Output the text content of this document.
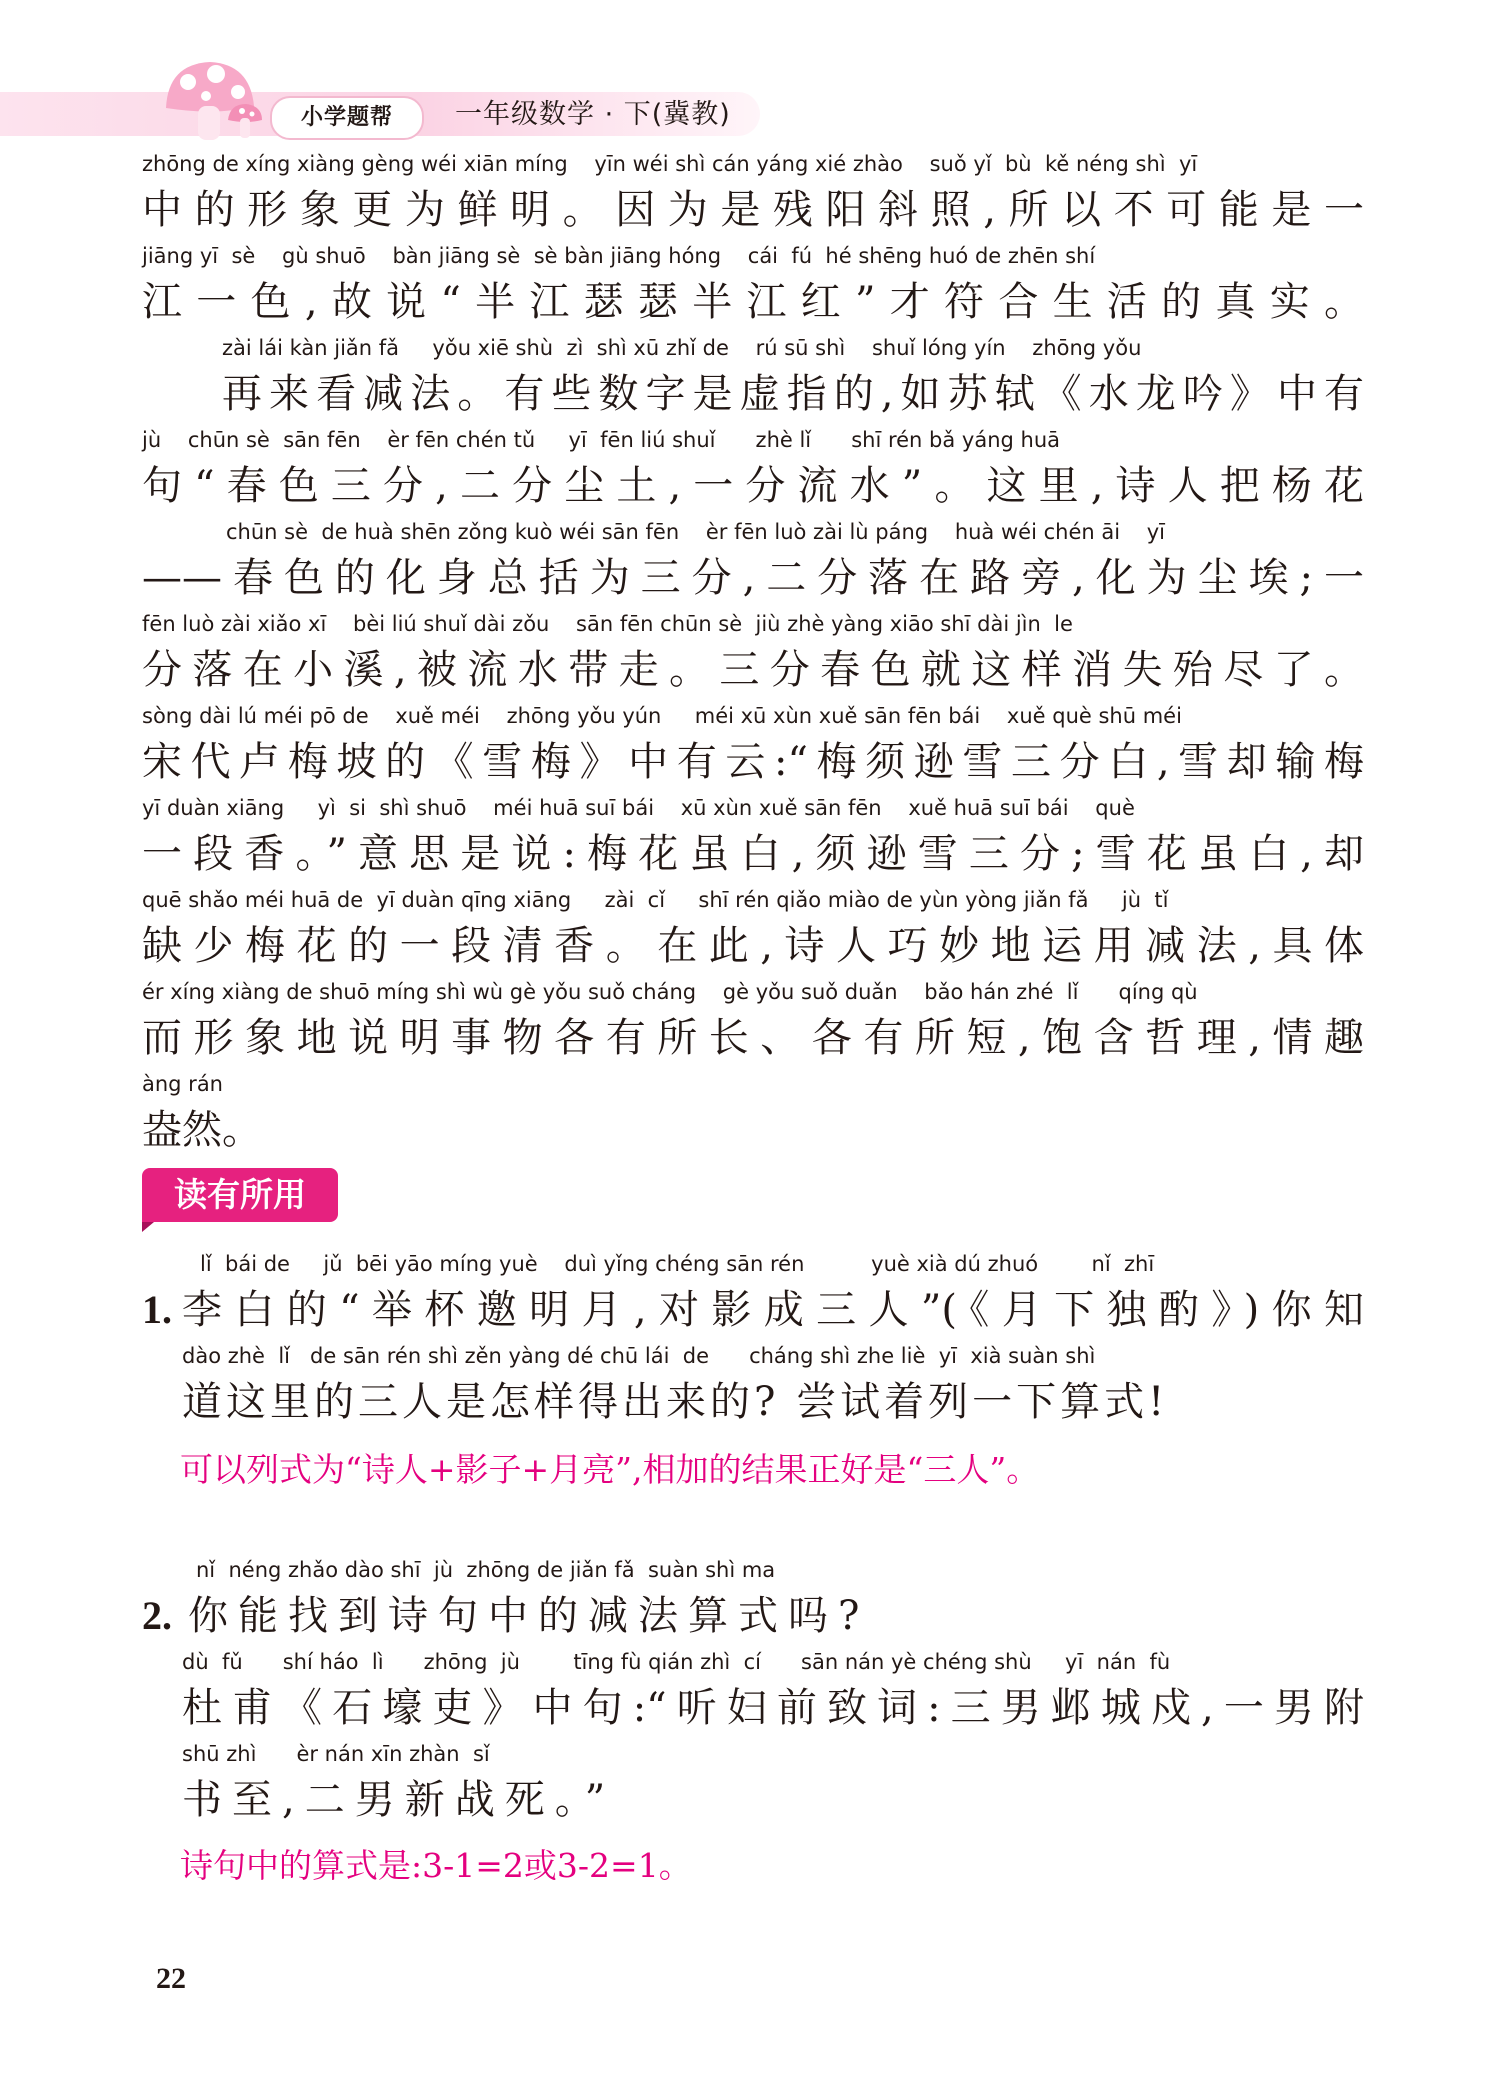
小学题帮	一年级数学 · 下(冀教)
zhōng de xíng xiàng gèng wéi xiān míng    yīn wéi shì cán yáng xié zhào    suǒ yǐ  bù  kě néng shì  yī
中的形象更为鲜明。因为是残阳斜照,所以不可能是一
jiāng yī  sè    gù shuō    bàn jiāng sè  sè bàn jiāng hóng    cái  fú  hé shēng huó de zhēn shí
江一色,故说“半江瑟瑟半江红”才符合生活的真实。
zài lái kàn jiǎn fǎ     yǒu xiē shù  zì  shì xū zhǐ de    rú sū shì    shuǐ lóng yín    zhōng yǒu
再来看减法。有些数字是虚指的,如苏轼《水龙吟》中有
jù    chūn sè  sān fēn    èr fēn chén tǔ     yī  fēn liú shuǐ      zhè lǐ      shī rén bǎ yáng huā
句“春色三分,二分尘土,一分流水”。这里,诗人把杨花
chūn sè  de huà shēn zǒng kuò wéi sān fēn    èr fēn luò zài lù páng    huà wéi chén āi    yī
——春色的化身总括为三分,二分落在路旁,化为尘埃;一
fēn luò zài xiǎo xī    bèi liú shuǐ dài zǒu    sān fēn chūn sè  jiù zhè yàng xiāo shī dài jìn  le
分落在小溪,被流水带走。三分春色就这样消失殆尽了。
sòng dài lú méi pō de    xuě méi    zhōng yǒu yún     méi xū xùn xuě sān fēn bái    xuě què shū méi
宋代卢梅坡的《雪梅》中有云:“梅须逊雪三分白,雪却输梅
yī duàn xiāng     yì  si  shì shuō    méi huā suī bái    xū xùn xuě sān fēn    xuě huā suī bái    què
一段香。”意思是说:梅花虽白,须逊雪三分;雪花虽白,却
quē shǎo méi huā de  yī duàn qīng xiāng     zài  cǐ     shī rén qiǎo miào de yùn yòng jiǎn fǎ     jù  tǐ
缺少梅花的一段清香。在此,诗人巧妙地运用减法,具体
ér xíng xiàng de shuō míng shì wù gè yǒu suǒ cháng    gè yǒu suǒ duǎn    bǎo hán zhé  lǐ      qíng qù
而形象地说明事物各有所长、各有所短,饱含哲理,情趣
àng rán
盎然。
读有所用
lǐ  bái de     jǔ  bēi yāo míng yuè    duì yǐng chéng sān rén          yuè xià dú zhuó        nǐ  zhī
1. 李白的“举杯邀明月,对影成三人”(《月下独酌》)你知
dào zhè  lǐ   de sān rén shì zěn yàng dé chū lái  de      cháng shì zhe liè  yī  xià suàn shì
道这里的三人是怎样得出来的? 尝试着列一下算式!
可以列式为“诗人+影子+月亮”,相加的结果正好是“三人”。
nǐ  néng zhǎo dào shī  jù  zhōng de jiǎn fǎ  suàn shì ma
2. 你能找到诗句中的减法算式吗?
dù  fǔ      shí háo  lì      zhōng  jù        tīng fù qián zhì  cí      sān nán yè chéng shù     yī  nán  fù
杜甫《石壕吏》中句:“听妇前致词:三男邺城戍,一男附
shū zhì      èr nán xīn zhàn  sǐ
书至,二男新战死。”
诗句中的算式是:3-1=2或3-2=1。
22
